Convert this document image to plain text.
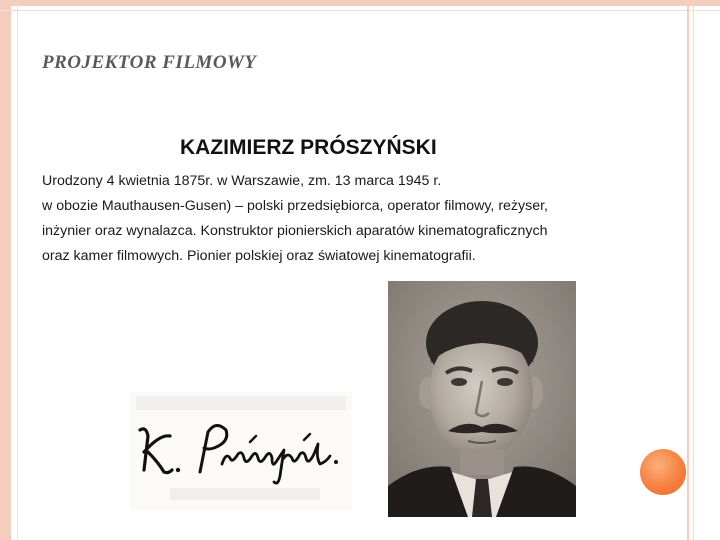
PROJEKTOR FILMOWY
KAZIMIERZ PRÓSZYŃSKI

Urodzony 4 kwietnia 1875r. w Warszawie, zm. 13 marca 1945 r.

w obozie Mauthausen-Gusen) – polski przedsiębiorca, operator filmowy, reżyser,

inżynier oraz wynalazca. Konstruktor pionierskich aparatów kinematograficznych

oraz kamer filmowych. Pionier polskiej oraz światowej kinematografii.
